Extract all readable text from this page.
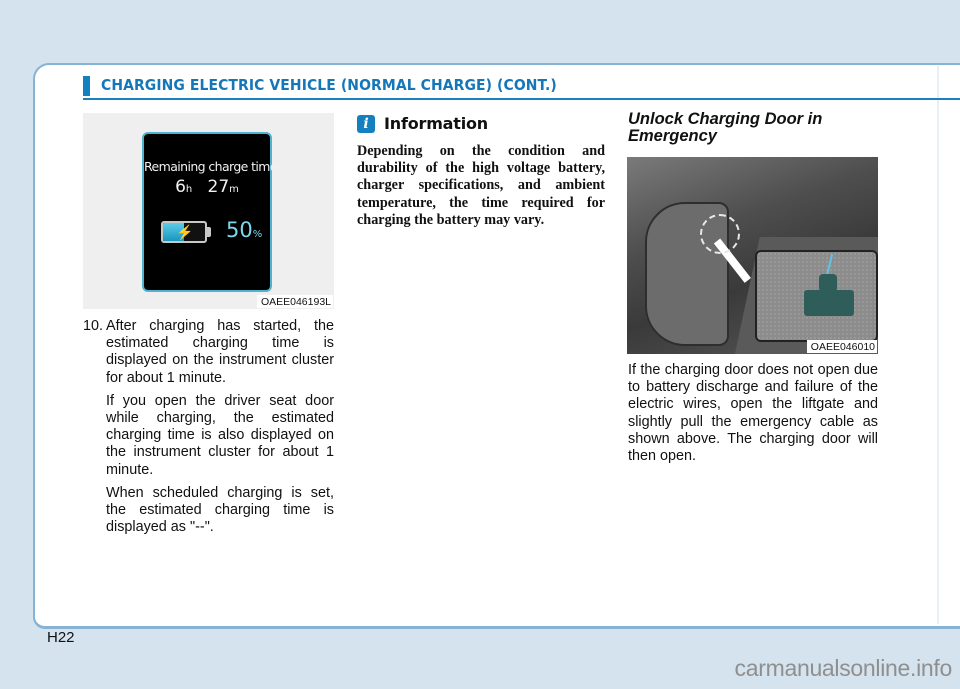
CHARGING ELECTRIC VEHICLE (NORMAL CHARGE) (CONT.)
Remaining charge time
6h 27m
⚡ 50%
OAEE046193L
10. After charging has started, the estimated charging time is displayed on the instrument cluster for about 1 minute.
If you open the driver seat door while charging, the estimated charging time is also displayed on the instrument cluster for about 1 minute.
When scheduled charging is set, the estimated charging time is displayed as "--".
i Information
Depending on the condition and durability of the high voltage battery, charger specifications, and ambient temperature, the time required for charging the battery may vary.
Unlock Charging Door in Emergency
OAEE046010
If the charging door does not open due to battery discharge and failure of the electric wires, open the liftgate and slightly pull the emergency cable as shown above. The charging door will then open.
H22
carmanualsonline.info
